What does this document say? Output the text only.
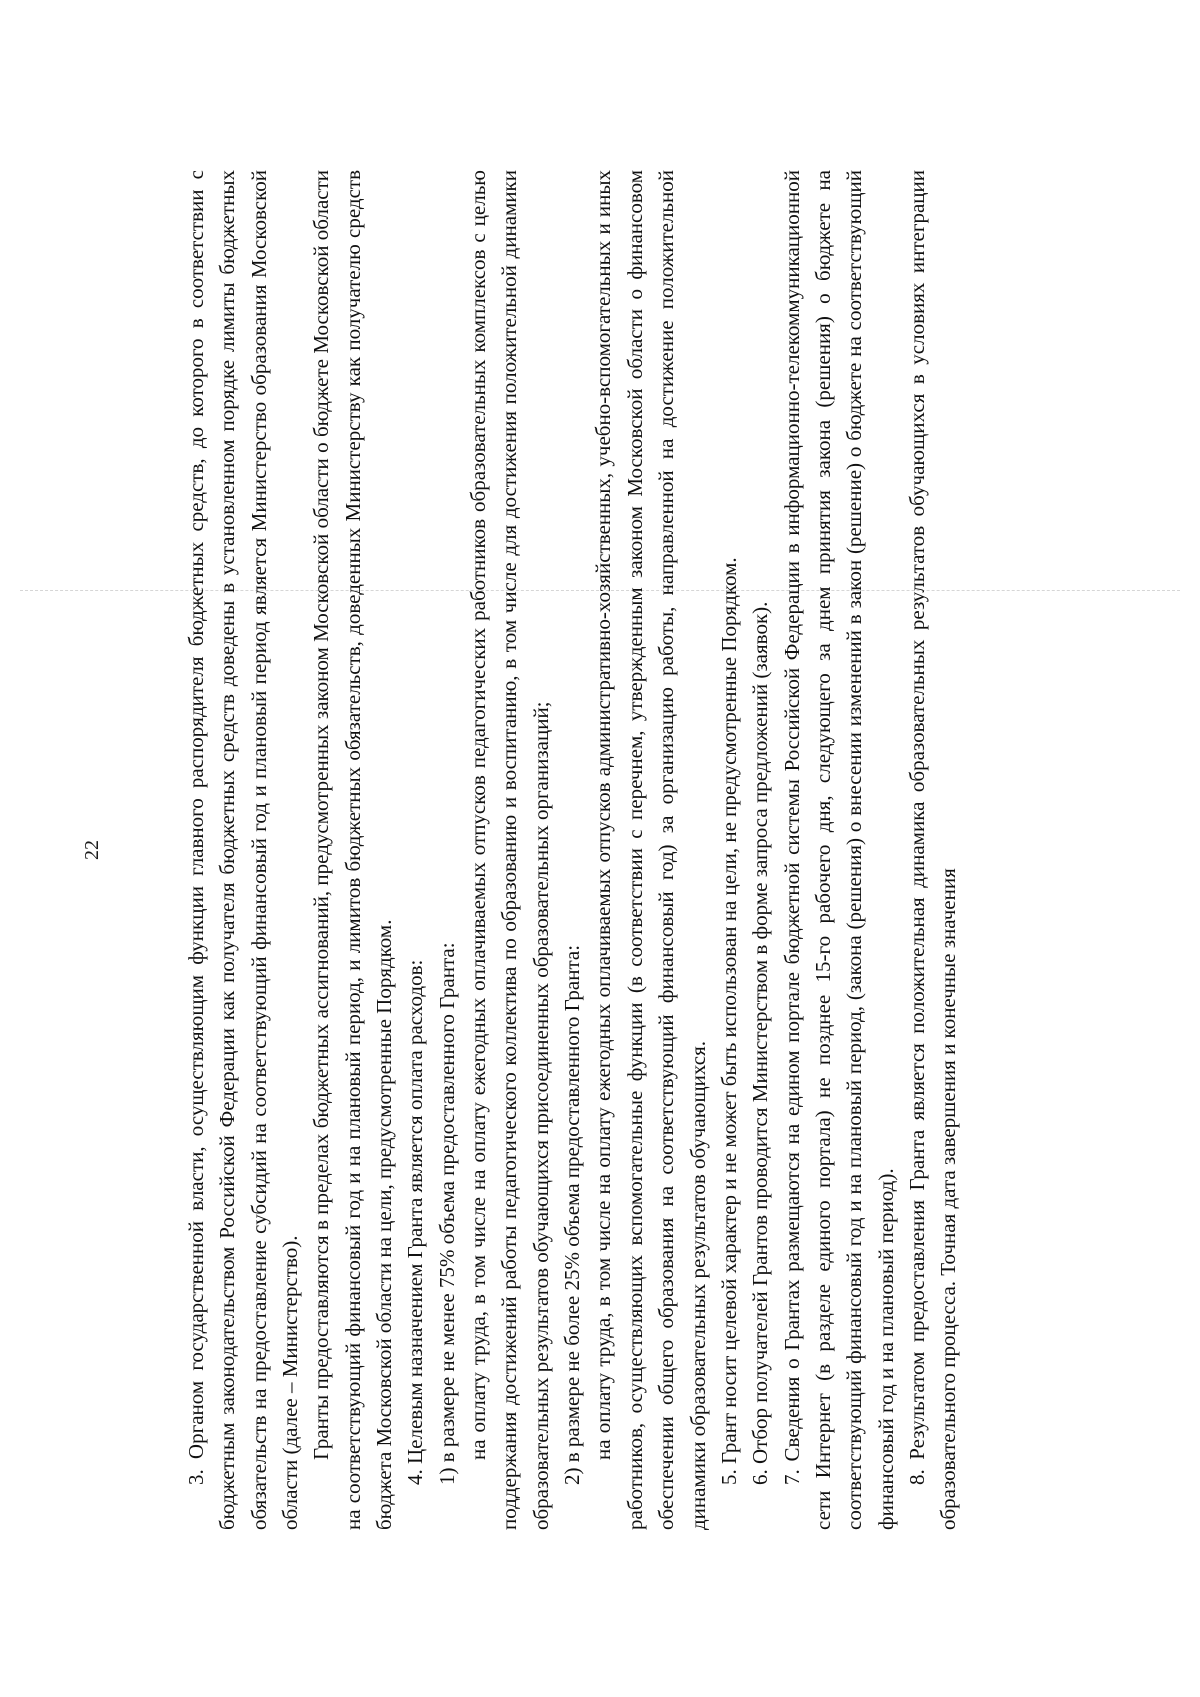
22	3. Органом государственной власти, осуществляющим функции главного распорядителя бюджетных средств, до которого в соответствии с бюджетным законодательством Российской Федерации как получателя бюджетных средств доведены в установленном порядке лимиты бюджетных обязательств на предоставление субсидий на соответствующий финансовый год и плановый период является Министерство образования Московской области (далее – Министерство). Гранты предоставляются в пределах бюджетных ассигнований, предусмотренных законом Московской области о бюджете Московской области на соответствующий финансовый год и на плановый период, и лимитов бюджетных обязательств, доведенных Министерству как получателю средств бюджета Московской области на цели, предусмотренные Порядком. 4. Целевым назначением Гранта является оплата расходов: 1) в размере не менее 75% объема предоставленного Гранта: на оплату труда, в том числе на оплату ежегодных оплачиваемых отпусков педагогических работников образовательных комплексов с целью поддержания достижений работы педагогического коллектива по образованию и воспитанию, в том числе для достижения положительной динамики образовательных результатов обучающихся присоединенных образовательных организаций; 2) в размере не более 25% объема предоставленного Гранта: на оплату труда, в том числе на оплату ежегодных оплачиваемых отпусков административно-хозяйственных, учебно-вспомогательных и иных работников, осуществляющих вспомогательные функции (в соответствии с перечнем, утвержденным законом Московской области о финансовом обеспечении общего образования на соответствующий финансовый год) за организацию работы, направленной на достижение положительной динамики образовательных результатов обучающихся. 5. Грант носит целевой характер и не может быть использован на цели, не предусмотренные Порядком. 6. Отбор получателей Грантов проводится Министерством в форме запроса предложений (заявок). 7. Сведения о Грантах размещаются на едином портале бюджетной системы Российской Федерации в информационно-телекоммуникационной сети Интернет (в разделе единого портала) не позднее 15-го рабочего дня, следующего за днем принятия закона (решения) о бюджете на соответствующий финансовый год и на плановый период, (закона (решения) о внесении изменений в закон (решение) о бюджете на соответствующий финансовый год и на плановый период). 8. Результатом предоставления Гранта является положительная динамика образовательных результатов обучающихся в условиях интеграции образовательного процесса. Точная дата завершения и конечные значения
